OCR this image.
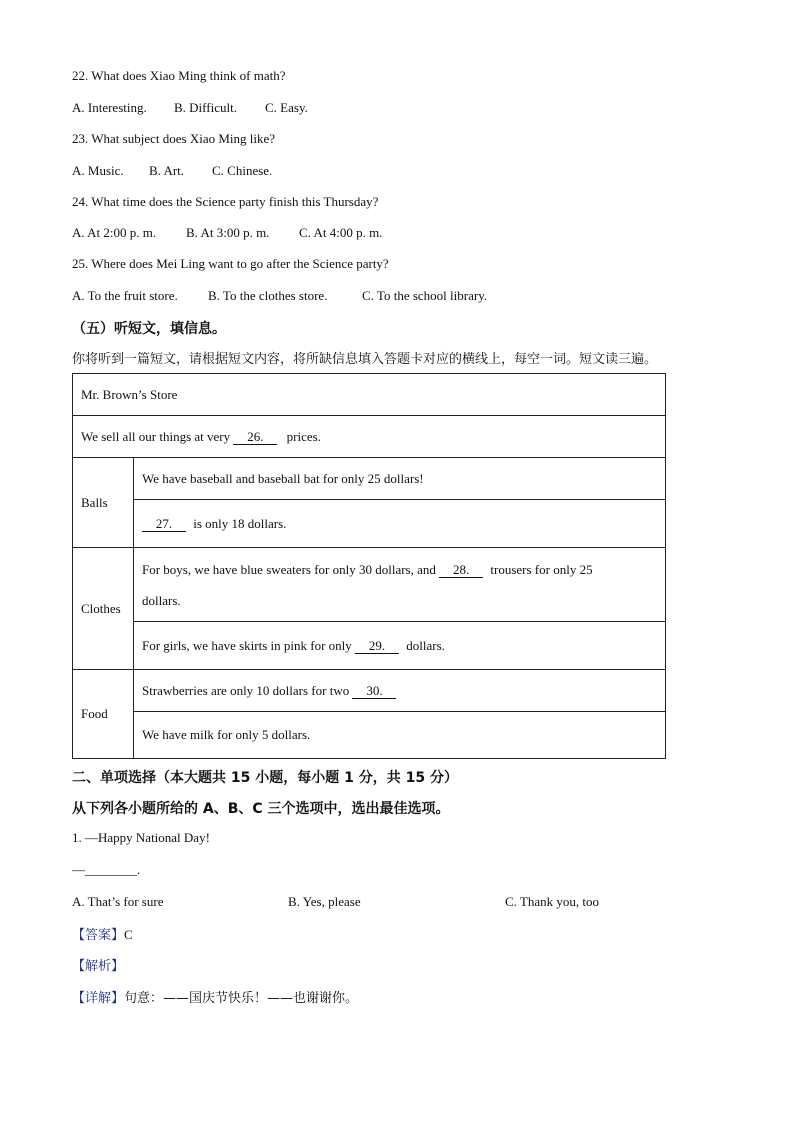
22. What does Xiao Ming think of math?
A. Interesting. B. Difficult. C. Easy.
23. What subject does Xiao Ming like?
A. Music. B. Art. C. Chinese.
24. What time does the Science party finish this Thursday?
A. At 2:00 p. m. B. At 3:00 p. m. C. At 4:00 p. m.
25. Where does Mei Ling want to go after the Science party?
A. To the fruit store. B. To the clothes store.	C. To the school library.
（五）听短文，填信息。
你将听到一篇短文，请根据短文内容，将所缺信息填入答题卡对应的横线上，每空一词。短文读三遍。
Mr. Brown’s Store	
We sell all our things at very 26. prices.	
Balls	We have baseball and baseball bat for only 25 dollars!
	27. is only 18 dollars.
Clothes	For boys, we have blue sweaters for only 30 dollars, and 28. trousers for only 25
dollars.
	For girls, we have skirts in pink for only 29. dollars.
Food	Strawberries are only 10 dollars for two 30.
	We have milk for only 5 dollars.
二、单项选择（本大题共 15 小题，每小题 1 分，共 15 分）
从下列各小题所给的 A、B、C 三个选项中，选出最佳选项。
1. —Happy National Day!
—________.
A. That’s for sure	B. Yes, please	C. Thank you, too
【答案】C
【解析】
【详解】句意：——国庆节快乐！——也谢谢你。
